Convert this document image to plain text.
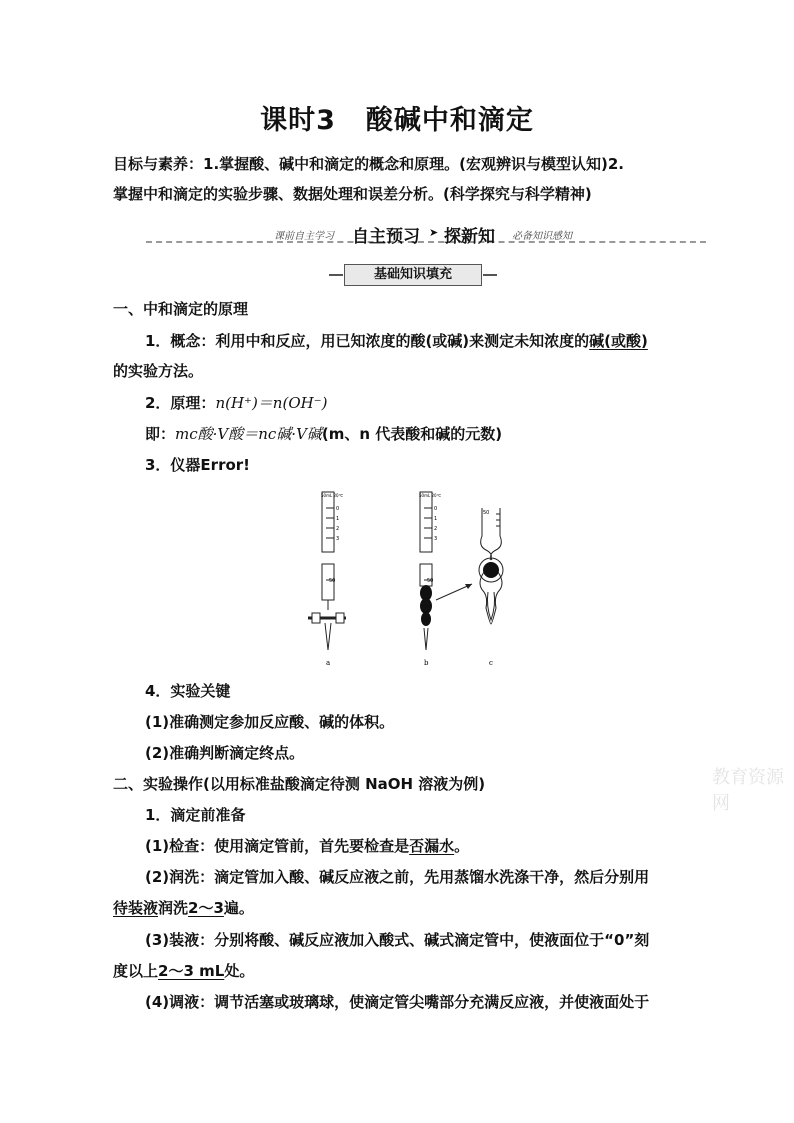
课时3 酸碱中和滴定
目标与素养：1.掌握酸、碱中和滴定的概念和原理。(宏观辨识与模型认知)2.
掌握中和滴定的实验步骤、数据处理和误差分析。(科学探究与科学精神)
课前自主学习 自主预习 ➤ 探新知 必备知识感知
基础知识填充
一、中和滴定的原理
1．概念：利用中和反应，用已知浓度的酸(或碱)来测定未知浓度的碱(或酸)
的实验方法。
2．原理：n(H⁺)＝n(OH⁻)
即：mc酸·V酸＝nc碱·V碱(m、n 代表酸和碱的元数)
3．仪器Error!
50mL 20℃
0
1
2
3
50
50mL 20℃
0
1
2
3
50
50
a	b	c
4．实验关键
(1)准确测定参加反应酸、碱的体积。
(2)准确判断滴定终点。
二、实验操作(以用标准盐酸滴定待测 NaOH 溶液为例)
1．滴定前准备
(1)检查：使用滴定管前，首先要检查是否漏水。
(2)润洗：滴定管加入酸、碱反应液之前，先用蒸馏水洗涤干净，然后分别用
待装液润洗2～3遍。
(3)装液：分别将酸、碱反应液加入酸式、碱式滴定管中，使液面位于“0”刻
度以上2～3 mL处。
(4)调液：调节活塞或玻璃球，使滴定管尖嘴部分充满反应液，并使液面处于
教育资源网
